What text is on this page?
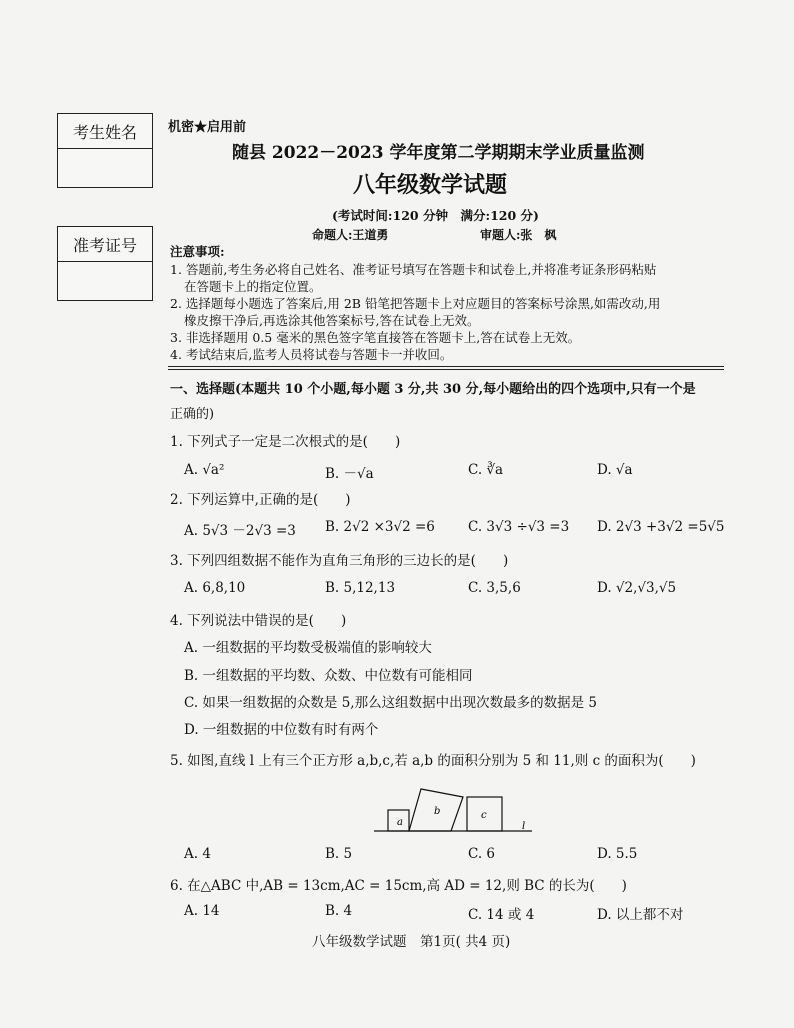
考生姓名
准考证号
机密★启用前
随县 2022－2023 学年度第二学期期末学业质量监测
八年级数学试题
(考试时间:120 分钟　满分:120 分)
命题人:王道勇	审题人:张　枫
注意事项:
1. 答题前,考生务必将自己姓名、准考证号填写在答题卡和试卷上,并将准考证条形码粘贴
在答题卡上的指定位置。
2. 选择题每小题选了答案后,用 2B 铅笔把答题卡上对应题目的答案标号涂黑,如需改动,用
橡皮擦干净后,再选涂其他答案标号,答在试卷上无效。
3. 非选择题用 0.5 毫米的黑色签字笔直接答在答题卡上,答在试卷上无效。
4. 考试结束后,监考人员将试卷与答题卡一并收回。
一、选择题(本题共 10 个小题,每小题 3 分,共 30 分,每小题给出的四个选项中,只有一个是
正确的)
1. 下列式子一定是二次根式的是(　　)
A. √a²	B. －√a	C. ∛a	D. √a
2. 下列运算中,正确的是(　　)
A. 5√3 －2√3 =3 B. 2√2 ×3√2 =6 C. 3√3 ÷√3 =3 D. 2√3 +3√2 =5√5
3. 下列四组数据不能作为直角三角形的三边长的是(　　)
A. 6,8,10	B. 5,12,13	C. 3,5,6	D. √2,√3,√5
4. 下列说法中错误的是(　　)
A. 一组数据的平均数受极端值的影响较大
B. 一组数据的平均数、众数、中位数有可能相同
C. 如果一组数据的众数是 5,那么这组数据中出现次数最多的数据是 5
D. 一组数据的中位数有时有两个
5. 如图,直线 l 上有三个正方形 a,b,c,若 a,b 的面积分别为 5 和 11,则 c 的面积为(　　)
a
b	c
l
A. 4	B. 5	C. 6	D. 5.5
6. 在△ABC 中,AB = 13cm,AC = 15cm,高 AD = 12,则 BC 的长为(　　)
A. 14	B. 4	C. 14 或 4	D. 以上都不对
八年级数学试题　第1页( 共4 页)
